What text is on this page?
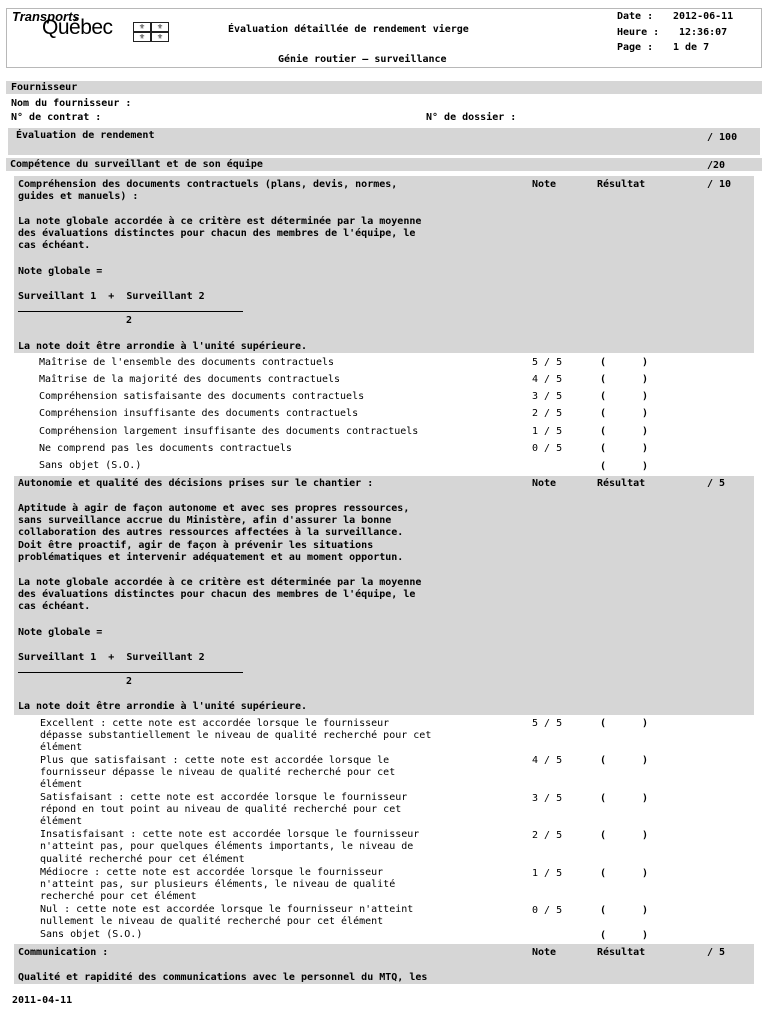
Transports
Québec	⚜	⚜
⚜	⚜
Évaluation détaillée de rendement vierge
Génie routier – surveillance
Date : 2012-06-11
Heure : 12:36:07
Page : 1 de 7
Fournisseur
Nom du fournisseur :
N° de contrat :	N° de dossier :
Évaluation de rendement	/ 100
Compétence du surveillant et de son équipe	/20
Compréhension des documents contractuels (plans, devis, normes,
guides et manuels) :
Note	Résultat	/ 10
La note globale accordée à ce critère est déterminée par la moyenne
des évaluations distinctes pour chacun des membres de l'équipe, le
cas échéant.
Note globale =
Surveillant 1  +  Surveillant 2
2
La note doit être arrondie à l'unité supérieure.
Maîtrise de l'ensemble des documents contractuels	5 / 5	(	)
Maîtrise de la majorité des documents contractuels	4 / 5	(	)
Compréhension satisfaisante des documents contractuels	3 / 5	(	)
Compréhension insuffisante des documents contractuels	2 / 5	(	)
Compréhension largement insuffisante des documents contractuels	1 / 5	(	)
Ne comprend pas les documents contractuels	0 / 5	(	)
Sans objet (S.O.)	(	)
Autonomie et qualité des décisions prises sur le chantier :	Note	Résultat	/ 5
Aptitude à agir de façon autonome et avec ses propres ressources,
sans surveillance accrue du Ministère, afin d'assurer la bonne
collaboration des autres ressources affectées à la surveillance.
Doit être proactif, agir de façon à prévenir les situations
problématiques et intervenir adéquatement et au moment opportun.
La note globale accordée à ce critère est déterminée par la moyenne
des évaluations distinctes pour chacun des membres de l'équipe, le
cas échéant.
Note globale =
Surveillant 1  +  Surveillant 2
2
La note doit être arrondie à l'unité supérieure.
Excellent : cette note est accordée lorsque le fournisseur
dépasse substantiellement le niveau de qualité recherché pour cet
élément
5 / 5	(	)
Plus que satisfaisant : cette note est accordée lorsque le
fournisseur dépasse le niveau de qualité recherché pour cet
élément
4 / 5	(	)
Satisfaisant : cette note est accordée lorsque le fournisseur
répond en tout point au niveau de qualité recherché pour cet
élément
3 / 5	(	)
Insatisfaisant : cette note est accordée lorsque le fournisseur
n'atteint pas, pour quelques éléments importants, le niveau de
qualité recherché pour cet élément
2 / 5	(	)
Médiocre : cette note est accordée lorsque le fournisseur
n'atteint pas, sur plusieurs éléments, le niveau de qualité
recherché pour cet élément
1 / 5	(	)
Nul : cette note est accordée lorsque le fournisseur n'atteint
nullement le niveau de qualité recherché pour cet élément
0 / 5	(	)
Sans objet (S.O.)	(	)
Communication :	Note	Résultat	/ 5
Qualité et rapidité des communications avec le personnel du MTQ, les
2011-04-11
